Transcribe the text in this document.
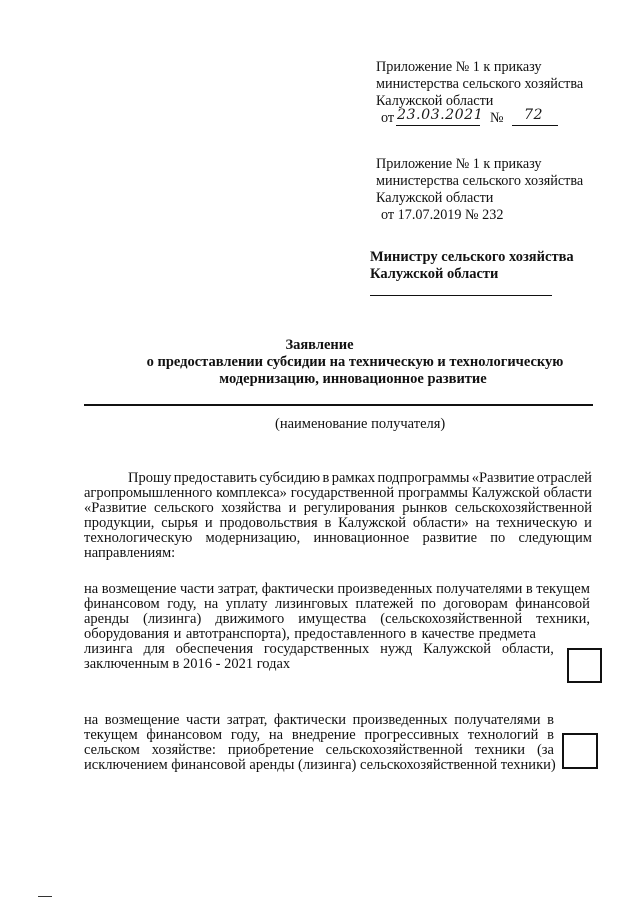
Приложение № 1 к приказу
министерства сельского хозяйства
Калужской области
от 23.03.2021 № 72
Приложение № 1 к приказу
министерства сельского хозяйства
Калужской области
от 17.07.2019 № 232
Министру сельского хозяйства
Калужской области
Заявление
о предоставлении субсидии на техническую и технологическую
модернизацию, инновационное развитие
(наименование получателя)
Прошу предоставить субсидию в рамках подпрограммы «Развитие отраслей
агропромышленного комплекса» государственной программы Калужской области
«Развитие сельского хозяйства и регулирования рынков сельскохозяйственной
продукции, сырья и продовольствия в Калужской области» на техническую и
технологическую модернизацию, инновационное развитие по следующим
направлениям:
на возмещение части затрат, фактически произведенных получателями в текущем
финансовом году, на уплату лизинговых платежей по договорам финансовой
аренды (лизинга) движимого имущества (сельскохозяйственной техники,
оборудования и автотранспорта), предоставленного в качестве предмета
лизинга для обеспечения государственных нужд Калужской области,
заключенным в 2016 - 2021 годах
на возмещение части затрат, фактически произведенных получателями в
текущем финансовом году, на внедрение прогрессивных технологий в
сельском хозяйстве: приобретение сельскохозяйственной техники (за
исключением финансовой аренды (лизинга) сельскохозяйственной техники)
